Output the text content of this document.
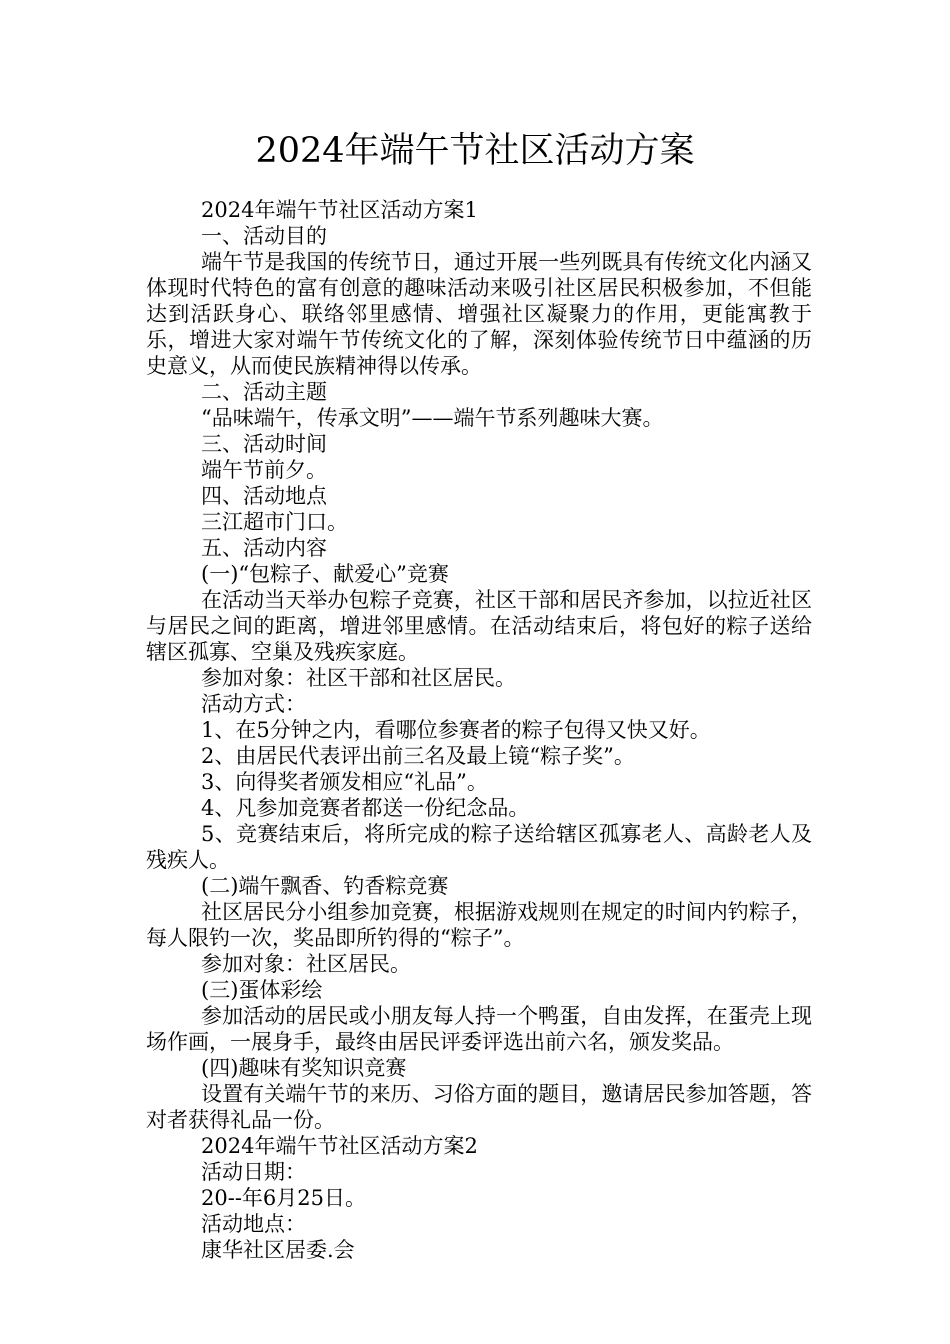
2024年端午节社区活动方案

2024年端午节社区活动方案1

一、活动目的

端午节是我国的传统节日，通过开展一些列既具有传统文化内涵又体现时代特色的富有创意的趣味活动来吸引社区居民积极参加，不但能达到活跃身心、联络邻里感情、增强社区凝聚力的作用，更能寓教于乐，增进大家对端午节传统文化的了解，深刻体验传统节日中蕴涵的历史意义，从而使民族精神得以传承。

二、活动主题

“品味端午，传承文明”——端午节系列趣味大赛。

三、活动时间

端午节前夕。

四、活动地点

三江超市门口。

五、活动内容

(一)“包粽子、献爱心”竞赛

在活动当天举办包粽子竞赛，社区干部和居民齐参加，以拉近社区与居民之间的距离，增进邻里感情。在活动结束后，将包好的粽子送给辖区孤寡、空巢及残疾家庭。

参加对象：社区干部和社区居民。

活动方式：

1、在5分钟之内，看哪位参赛者的粽子包得又快又好。

2、由居民代表评出前三名及最上镜“粽子奖”。

3、向得奖者颁发相应“礼品”。

4、凡参加竞赛者都送一份纪念品。

5、竞赛结束后，将所完成的粽子送给辖区孤寡老人、高龄老人及残疾人。

(二)端午飘香、钓香粽竞赛

社区居民分小组参加竞赛，根据游戏规则在规定的时间内钓粽子，每人限钓一次，奖品即所钓得的“粽子”。

参加对象：社区居民。

(三)蛋体彩绘

参加活动的居民或小朋友每人持一个鸭蛋，自由发挥，在蛋壳上现场作画，一展身手，最终由居民评委评选出前六名，颁发奖品。

(四)趣味有奖知识竞赛

设置有关端午节的来历、习俗方面的题目，邀请居民参加答题，答对者获得礼品一份。

2024年端午节社区活动方案2

活动日期：

20--年6月25日。

活动地点：

康华社区居委.会
